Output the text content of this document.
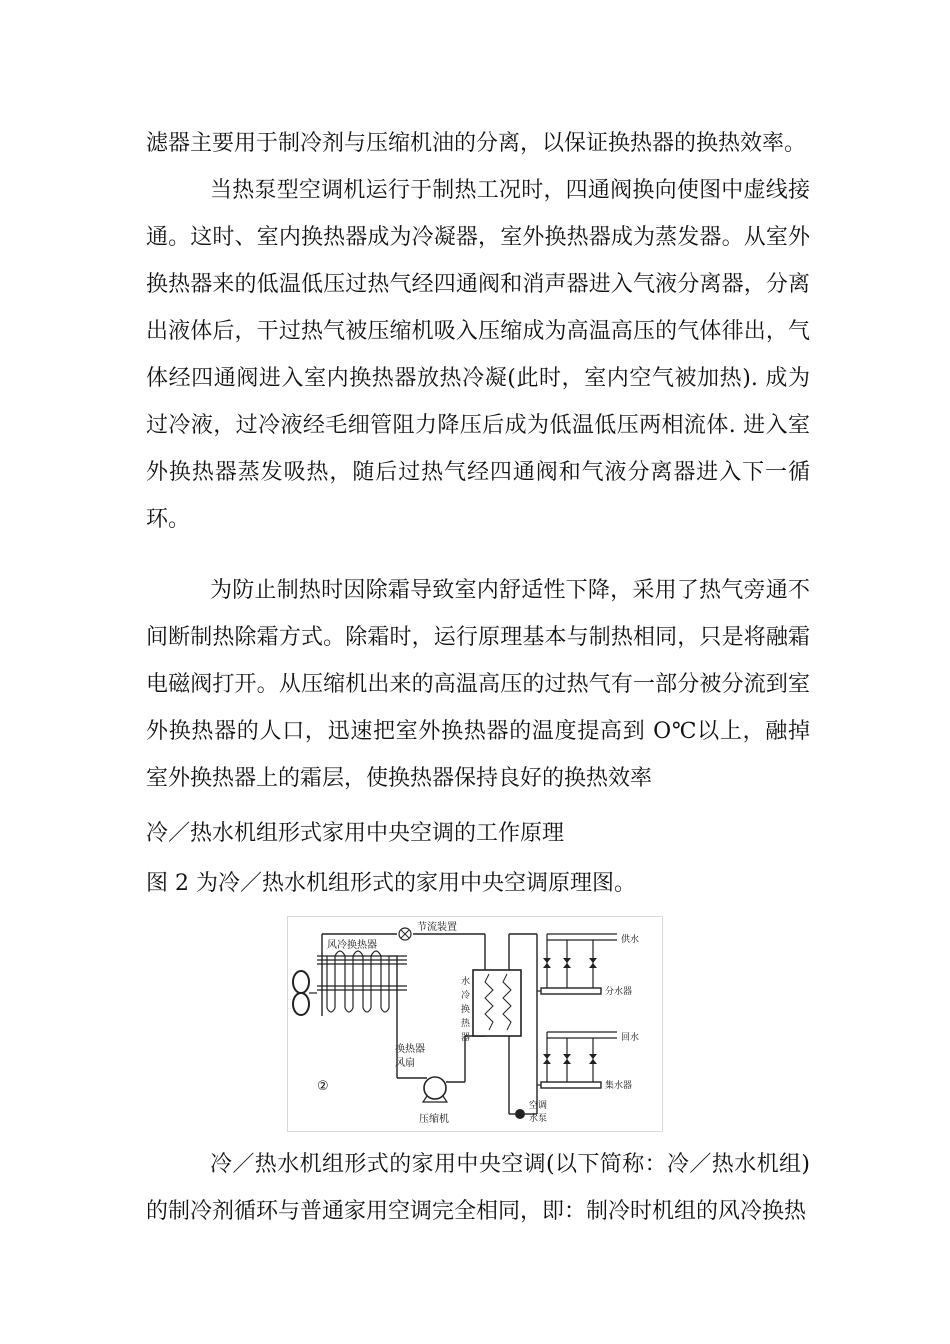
滤器主要用于制冷剂与压缩机油的分离，以保证换热器的换热效率。

当热泵型空调机运行于制热工况时，四通阀换向使图中虚线接通。这时、室内换热器成为冷凝器，室外换热器成为蒸发器。从室外换热器来的低温低压过热气经四通阀和消声器进入气液分离器，分离出液体后，干过热气被压缩机吸入压缩成为高温高压的气体徘出，气体经四通阀进入室内换热器放热冷凝(此时，室内空气被加热). 成为过冷液，过冷液经毛细管阻力降压后成为低温低压两相流体. 进入室外换热器蒸发吸热，随后过热气经四通阀和气液分离器进入下一循环。

为防止制热时因除霜导致室内舒适性下降，采用了热气旁通不间断制热除霜方式。除霜时，运行原理基本与制热相同，只是将融霜电磁阀打开。从压缩机出来的高温高压的过热气有一部分被分流到室外换热器的人口，迅速把室外换热器的温度提高到 O℃以上，融掉室外换热器上的霜层，使换热器保持良好的换热效率

冷／热水机组形式家用中央空调的工作原理

图 2 为冷／热水机组形式的家用中央空调原理图。

风冷换热器
节流装置
换热器
风扇
压缩机
水
冷
换
热
器
空调
水泵
供水
分水器
回水
集水器
②

冷／热水机组形式的家用中央空调(以下简称：冷／热水机组)的制冷剂循环与普通家用空调完全相同，即：制冷时机组的风冷换热
